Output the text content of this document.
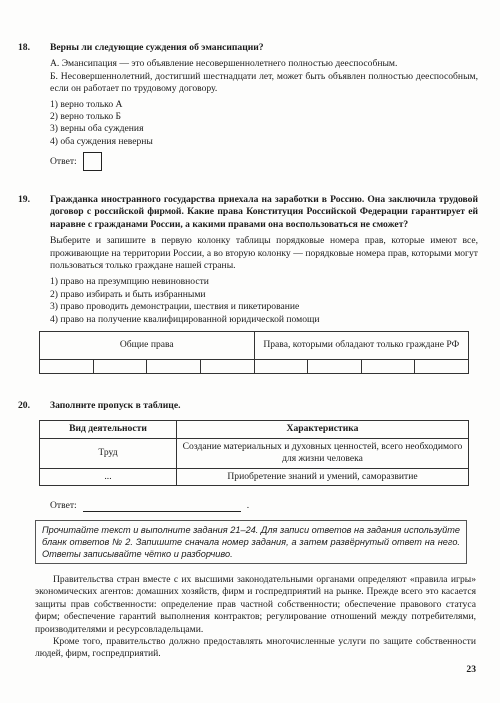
18. Верны ли следующие суждения об эмансипации?
А. Эмансипация — это объявление несовершеннолетнего полностью дееспособным.
Б. Несовершеннолетний, достигший шестнадцати лет, может быть объявлен полностью дееспособным, если он работает по трудовому договору.
1) верно только А
2) верно только Б
3) верны оба суждения
4) оба суждения неверны
Ответ:
19. Гражданка иностранного государства приехала на заработки в Россию. Она заключила трудовой договор с российской фирмой. Какие права Конституция Российской Федерации гарантирует ей наравне с гражданами России, а какими правами она воспользоваться не сможет?
Выберите и запишите в первую колонку таблицы порядковые номера прав, которые имеют все, проживающие на территории России, а во вторую колонку — порядковые номера прав, которыми могут пользоваться только граждане нашей страны.
1) право на презумпцию невиновности
2) право избирать и быть избранными
3) право проводить демонстрации, шествия и пикетирование
4) право на получение квалифицированной юридической помощи
Общие права				Права, которыми обладают только граждане РФ			

20. Заполните пропуск в таблице.
Вид деятельности	Характеристика
Труд	Создание материальных и духовных ценностей, всего необходимого для жизни человека
...	Приобретение знаний и умений, саморазвитие
Ответ:	.
Прочитайте текст и выполните задания 21–24. Для записи ответов на задания используйте бланк ответов № 2. Запишите сначала номер задания, а затем развёрнутый ответ на него. Ответы записывайте чётко и разборчиво.
Правительства стран вместе с их высшими законодательными органами определяют «правила игры» экономических агентов: домашних хозяйств, фирм и госпредприятий на рынке. Прежде всего это касается защиты прав собственности: определение прав частной собственности; обеспечение правового статуса фирм; обеспечение гарантий выполнения контрактов; регулирование отношений между потребителями, производителями и ресурсовладельцами.
Кроме того, правительство должно предоставлять многочисленные услуги по защите собственности людей, фирм, госпредприятий.
23
